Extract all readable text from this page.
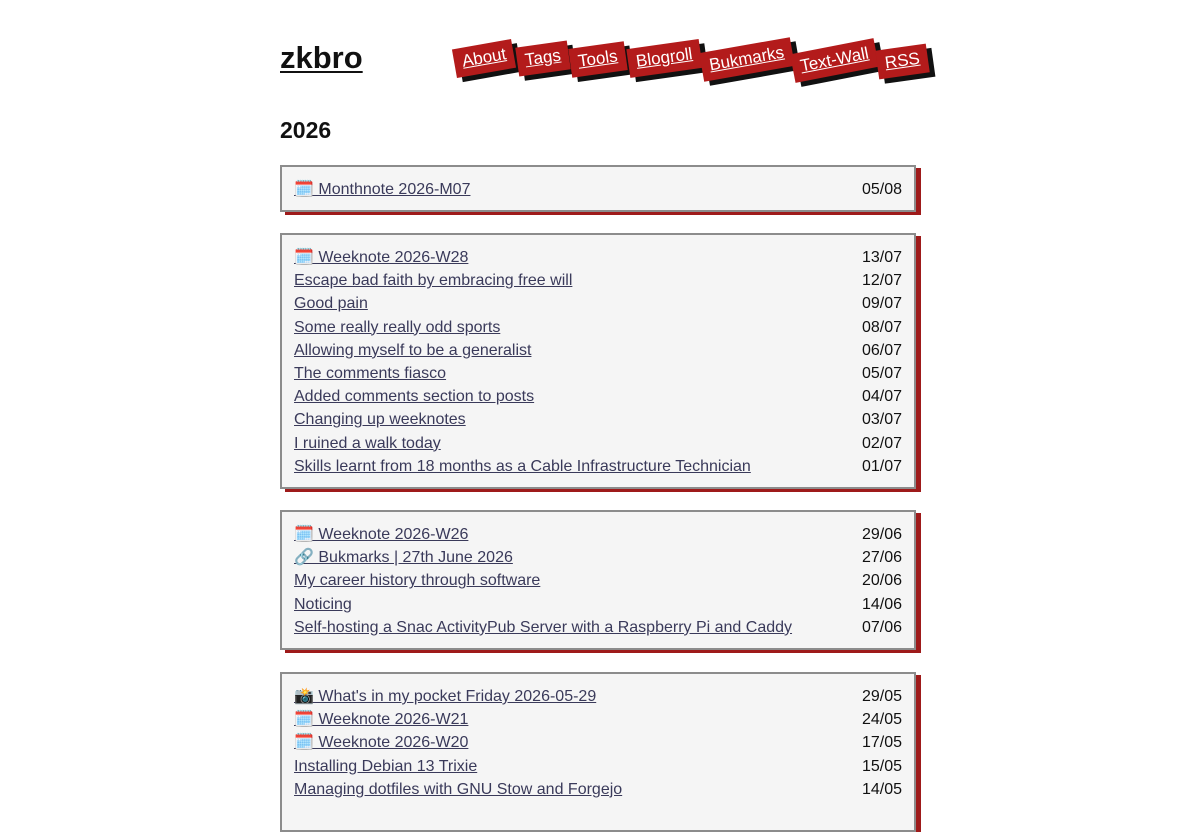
zkbro	About Tags Tools Blogroll Bukmarks Text-Wall RSS
2026
🗓️ Monthnote 2026-M07	05/08
🗓️ Weeknote 2026-W28	13/07
Escape bad faith by embracing free will	12/07
Good pain	09/07
Some really really odd sports	08/07
Allowing myself to be a generalist	06/07
The comments fiasco	05/07
Added comments section to posts	04/07
Changing up weeknotes	03/07
I ruined a walk today	02/07
Skills learnt from 18 months as a Cable Infrastructure Technician	01/07
🗓️ Weeknote 2026-W26	29/06
🔗 Bukmarks | 27th June 2026	27/06
My career history through software	20/06
Noticing	14/06
Self-hosting a Snac ActivityPub Server with a Raspberry Pi and Caddy	07/06
📸 What's in my pocket Friday 2026-05-29	29/05
🗓️ Weeknote 2026-W21	24/05
🗓️ Weeknote 2026-W20	17/05
Installing Debian 13 Trixie	15/05
Managing dotfiles with GNU Stow and Forgejo	14/05
